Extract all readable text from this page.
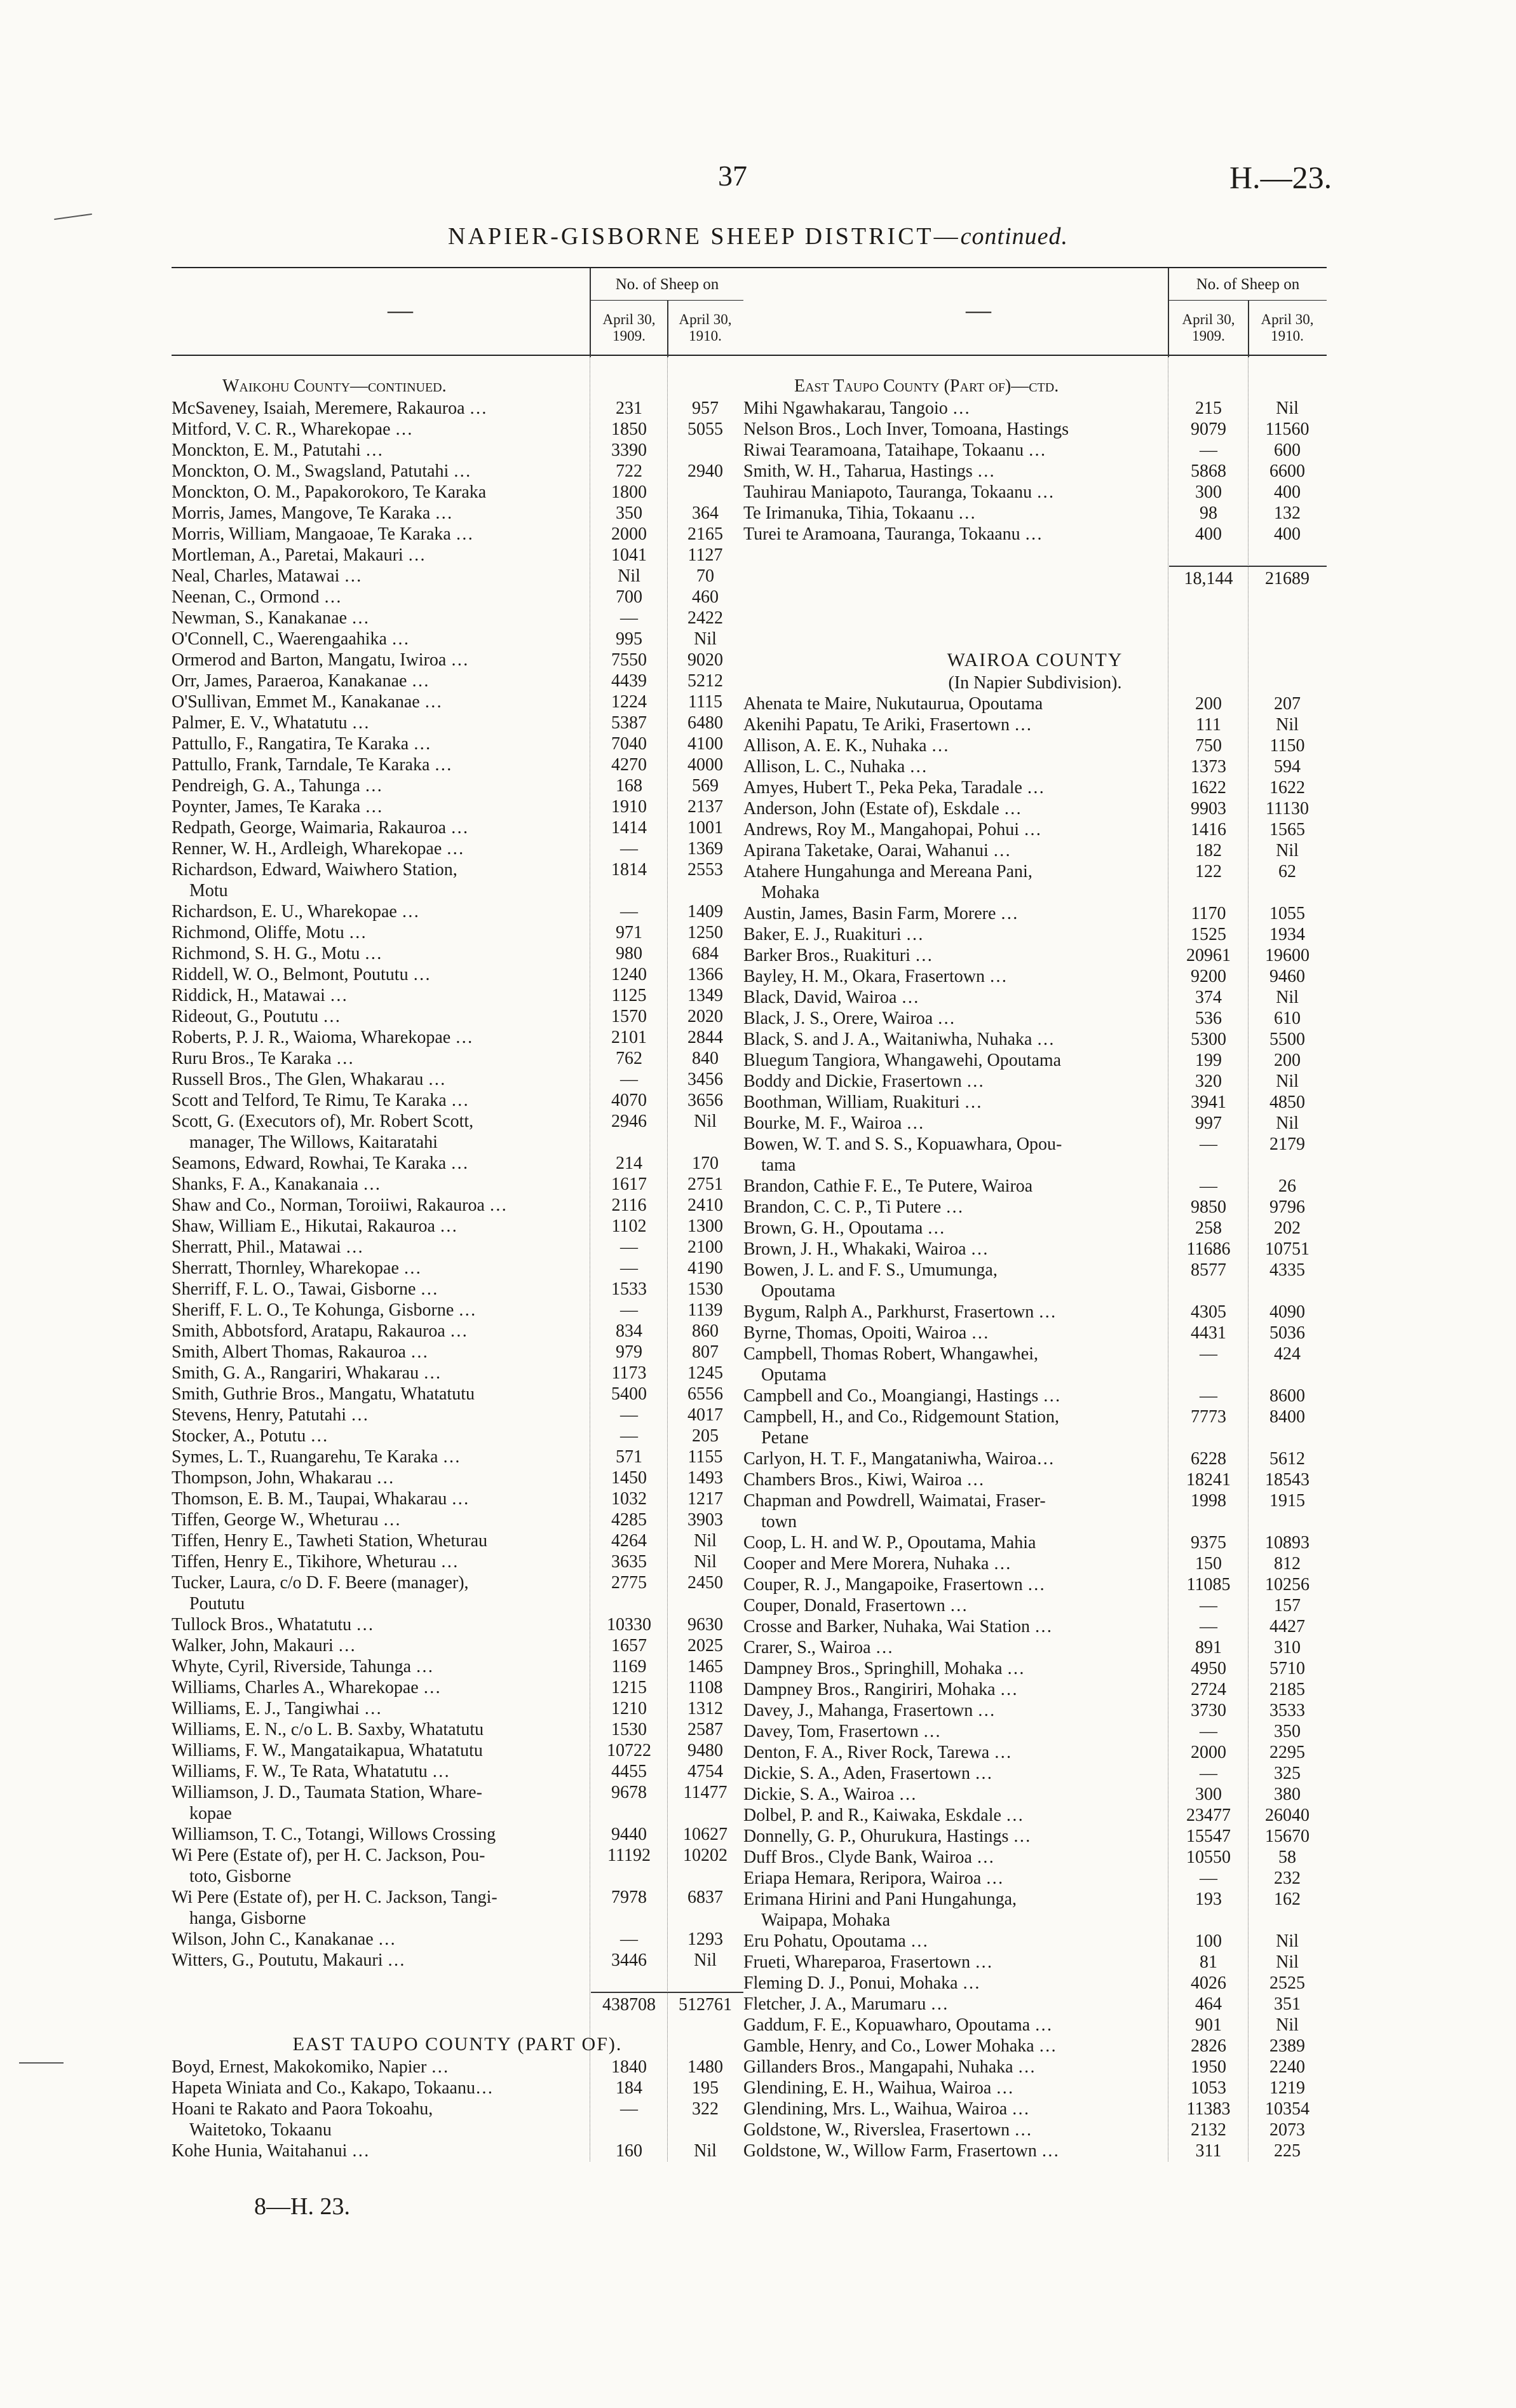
37	H.—23.
NAPIER-GISBORNE SHEEP DISTRICT—continued.
—
No. of Sheep on
April 30, 1909.
April 30, 1910.
Waikohu County—continued.
McSaveney, Isaiah, Meremere, Rakauroa …	231	957
Mitford, V. C. R., Wharekopae …	1850	5055
Monckton, E. M., Patutahi …	3390
Monckton, O. M., Swagsland, Patutahi …	722	2940
Monckton, O. M., Papakorokoro, Te Karaka	1800
Morris, James, Mangove, Te Karaka …	350	364
Morris, William, Mangaoae, Te Karaka …	2000	2165
Mortleman, A., Paretai, Makauri …	1041	1127
Neal, Charles, Matawai …	Nil	70
Neenan, C., Ormond …	700	460
Newman, S., Kanakanae …	—	2422
O'Connell, C., Waerengaahika …	995	Nil
Ormerod and Barton, Mangatu, Iwiroa …	7550	9020
Orr, James, Paraeroa, Kanakanae …	4439	5212
O'Sullivan, Emmet M., Kanakanae …	1224	1115
Palmer, E. V., Whatatutu …	5387	6480
Pattullo, F., Rangatira, Te Karaka …	7040	4100
Pattullo, Frank, Tarndale, Te Karaka …	4270	4000
Pendreigh, G. A., Tahunga …	168	569
Poynter, James, Te Karaka …	1910	2137
Redpath, George, Waimaria, Rakauroa …	1414	1001
Renner, W. H., Ardleigh, Wharekopae …	—	1369
Richardson, Edward, Waiwhero Station,	1814	2553
Motu
Richardson, E. U., Wharekopae …	—	1409
Richmond, Oliffe, Motu …	971	1250
Richmond, S. H. G., Motu …	980	684
Riddell, W. O., Belmont, Poututu …	1240	1366
Riddick, H., Matawai …	1125	1349
Rideout, G., Poututu …	1570	2020
Roberts, P. J. R., Waioma, Wharekopae …	2101	2844
Ruru Bros., Te Karaka …	762	840
Russell Bros., The Glen, Whakarau …	—	3456
Scott and Telford, Te Rimu, Te Karaka …	4070	3656
Scott, G. (Executors of), Mr. Robert Scott,	2946	Nil
manager, The Willows, Kaitaratahi
Seamons, Edward, Rowhai, Te Karaka …	214	170
Shanks, F. A., Kanakanaia …	1617	2751
Shaw and Co., Norman, Toroiiwi, Rakauroa …	2116	2410
Shaw, William E., Hikutai, Rakauroa …	1102	1300
Sherratt, Phil., Matawai …	—	2100
Sherratt, Thornley, Wharekopae …	—	4190
Sherriff, F. L. O., Tawai, Gisborne …	1533	1530
Sheriff, F. L. O., Te Kohunga, Gisborne …	—	1139
Smith, Abbotsford, Aratapu, Rakauroa …	834	860
Smith, Albert Thomas, Rakauroa …	979	807
Smith, G. A., Rangariri, Whakarau …	1173	1245
Smith, Guthrie Bros., Mangatu, Whatatutu	5400	6556
Stevens, Henry, Patutahi …	—	4017
Stocker, A., Potutu …	—	205
Symes, L. T., Ruangarehu, Te Karaka …	571	1155
Thompson, John, Whakarau …	1450	1493
Thomson, E. B. M., Taupai, Whakarau …	1032	1217
Tiffen, George W., Wheturau …	4285	3903
Tiffen, Henry E., Tawheti Station, Wheturau	4264	Nil
Tiffen, Henry E., Tikihore, Wheturau …	3635	Nil
Tucker, Laura, c/o D. F. Beere (manager),	2775	2450
Poututu
Tullock Bros., Whatatutu …	10330	9630
Walker, John, Makauri …	1657	2025
Whyte, Cyril, Riverside, Tahunga …	1169	1465
Williams, Charles A., Wharekopae …	1215	1108
Williams, E. J., Tangiwhai …	1210	1312
Williams, E. N., c/o L. B. Saxby, Whatatutu	1530	2587
Williams, F. W., Mangataikapua, Whatatutu	10722	9480
Williams, F. W., Te Rata, Whatatutu …	4455	4754
Williamson, J. D., Taumata Station, Whare-	9678	11477
kopae
Williamson, T. C., Totangi, Willows Crossing	9440	10627
Wi Pere (Estate of), per H. C. Jackson, Pou-	11192	10202
toto, Gisborne
Wi Pere (Estate of), per H. C. Jackson, Tangi-	7978	6837
hanga, Gisborne
Wilson, John C., Kanakanae …	—	1293
Witters, G., Poututu, Makauri …	3446	Nil
438708	512761
EAST TAUPO COUNTY (PART OF).
Boyd, Ernest, Makokomiko, Napier …	1840	1480
Hapeta Winiata and Co., Kakapo, Tokaanu…	184	195
Hoani te Rakato and Paora Tokoahu,	—	322
Waitetoko, Tokaanu
Kohe Hunia, Waitahanui …	160	Nil
—
No. of Sheep on
April 30, 1909.
April 30, 1910.
East Taupo County (Part of)—ctd.
Mihi Ngawhakarau, Tangoio …	215	Nil
Nelson Bros., Loch Inver, Tomoana, Hastings	9079	11560
Riwai Tearamoana, Tataihape, Tokaanu …	—	600
Smith, W. H., Taharua, Hastings …	5868	6600
Tauhirau Maniapoto, Tauranga, Tokaanu …	300	400
Te Irimanuka, Tihia, Tokaanu …	98	132
Turei te Aramoana, Tauranga, Tokaanu …	400	400
18,144	21689
WAIROA COUNTY
(In Napier Subdivision).
Ahenata te Maire, Nukutaurua, Opoutama	200	207
Akenihi Papatu, Te Ariki, Frasertown …	111	Nil
Allison, A. E. K., Nuhaka …	750	1150
Allison, L. C., Nuhaka …	1373	594
Amyes, Hubert T., Peka Peka, Taradale …	1622	1622
Anderson, John (Estate of), Eskdale …	9903	11130
Andrews, Roy M., Mangahopai, Pohui …	1416	1565
Apirana Taketake, Oarai, Wahanui …	182	Nil
Atahere Hungahunga and Mereana Pani,	122	62
Mohaka
Austin, James, Basin Farm, Morere …	1170	1055
Baker, E. J., Ruakituri …	1525	1934
Barker Bros., Ruakituri …	20961	19600
Bayley, H. M., Okara, Frasertown …	9200	9460
Black, David, Wairoa …	374	Nil
Black, J. S., Orere, Wairoa …	536	610
Black, S. and J. A., Waitaniwha, Nuhaka …	5300	5500
Bluegum Tangiora, Whangawehi, Opoutama	199	200
Boddy and Dickie, Frasertown …	320	Nil
Boothman, William, Ruakituri …	3941	4850
Bourke, M. F., Wairoa …	997	Nil
Bowen, W. T. and S. S., Kopuawhara, Opou-	—	2179
tama
Brandon, Cathie F. E., Te Putere, Wairoa	—	26
Brandon, C. C. P., Ti Putere …	9850	9796
Brown, G. H., Opoutama …	258	202
Brown, J. H., Whakaki, Wairoa …	11686	10751
Bowen, J. L. and F. S., Umumunga,	8577	4335
Opoutama
Bygum, Ralph A., Parkhurst, Frasertown …	4305	4090
Byrne, Thomas, Opoiti, Wairoa …	4431	5036
Campbell, Thomas Robert, Whangawhei,	—	424
Oputama
Campbell and Co., Moangiangi, Hastings …	—	8600
Campbell, H., and Co., Ridgemount Station,	7773	8400
Petane
Carlyon, H. T. F., Mangataniwha, Wairoa…	6228	5612
Chambers Bros., Kiwi, Wairoa …	18241	18543
Chapman and Powdrell, Waimatai, Fraser-	1998	1915
town
Coop, L. H. and W. P., Opoutama, Mahia	9375	10893
Cooper and Mere Morera, Nuhaka …	150	812
Couper, R. J., Mangapoike, Frasertown …	11085	10256
Couper, Donald, Frasertown …	—	157
Crosse and Barker, Nuhaka, Wai Station …	—	4427
Crarer, S., Wairoa …	891	310
Dampney Bros., Springhill, Mohaka …	4950	5710
Dampney Bros., Rangiriri, Mohaka …	2724	2185
Davey, J., Mahanga, Frasertown …	3730	3533
Davey, Tom, Frasertown …	—	350
Denton, F. A., River Rock, Tarewa …	2000	2295
Dickie, S. A., Aden, Frasertown …	—	325
Dickie, S. A., Wairoa …	300	380
Dolbel, P. and R., Kaiwaka, Eskdale …	23477	26040
Donnelly, G. P., Ohurukura, Hastings …	15547	15670
Duff Bros., Clyde Bank, Wairoa …	10550	58
Eriapa Hemara, Reripora, Wairoa …	—	232
Erimana Hirini and Pani Hungahunga,	193	162
Waipapa, Mohaka
Eru Pohatu, Opoutama …	100	Nil
Frueti, Whareparoa, Frasertown …	81	Nil
Fleming D. J., Ponui, Mohaka …	4026	2525
Fletcher, J. A., Marumaru …	464	351
Gaddum, F. E., Kopuawharo, Opoutama …	901	Nil
Gamble, Henry, and Co., Lower Mohaka …	2826	2389
Gillanders Bros., Mangapahi, Nuhaka …	1950	2240
Glendining, E. H., Waihua, Wairoa …	1053	1219
Glendining, Mrs. L., Waihua, Wairoa …	11383	10354
Goldstone, W., Riverslea, Frasertown …	2132	2073
Goldstone, W., Willow Farm, Frasertown …	311	225
8—H. 23.
